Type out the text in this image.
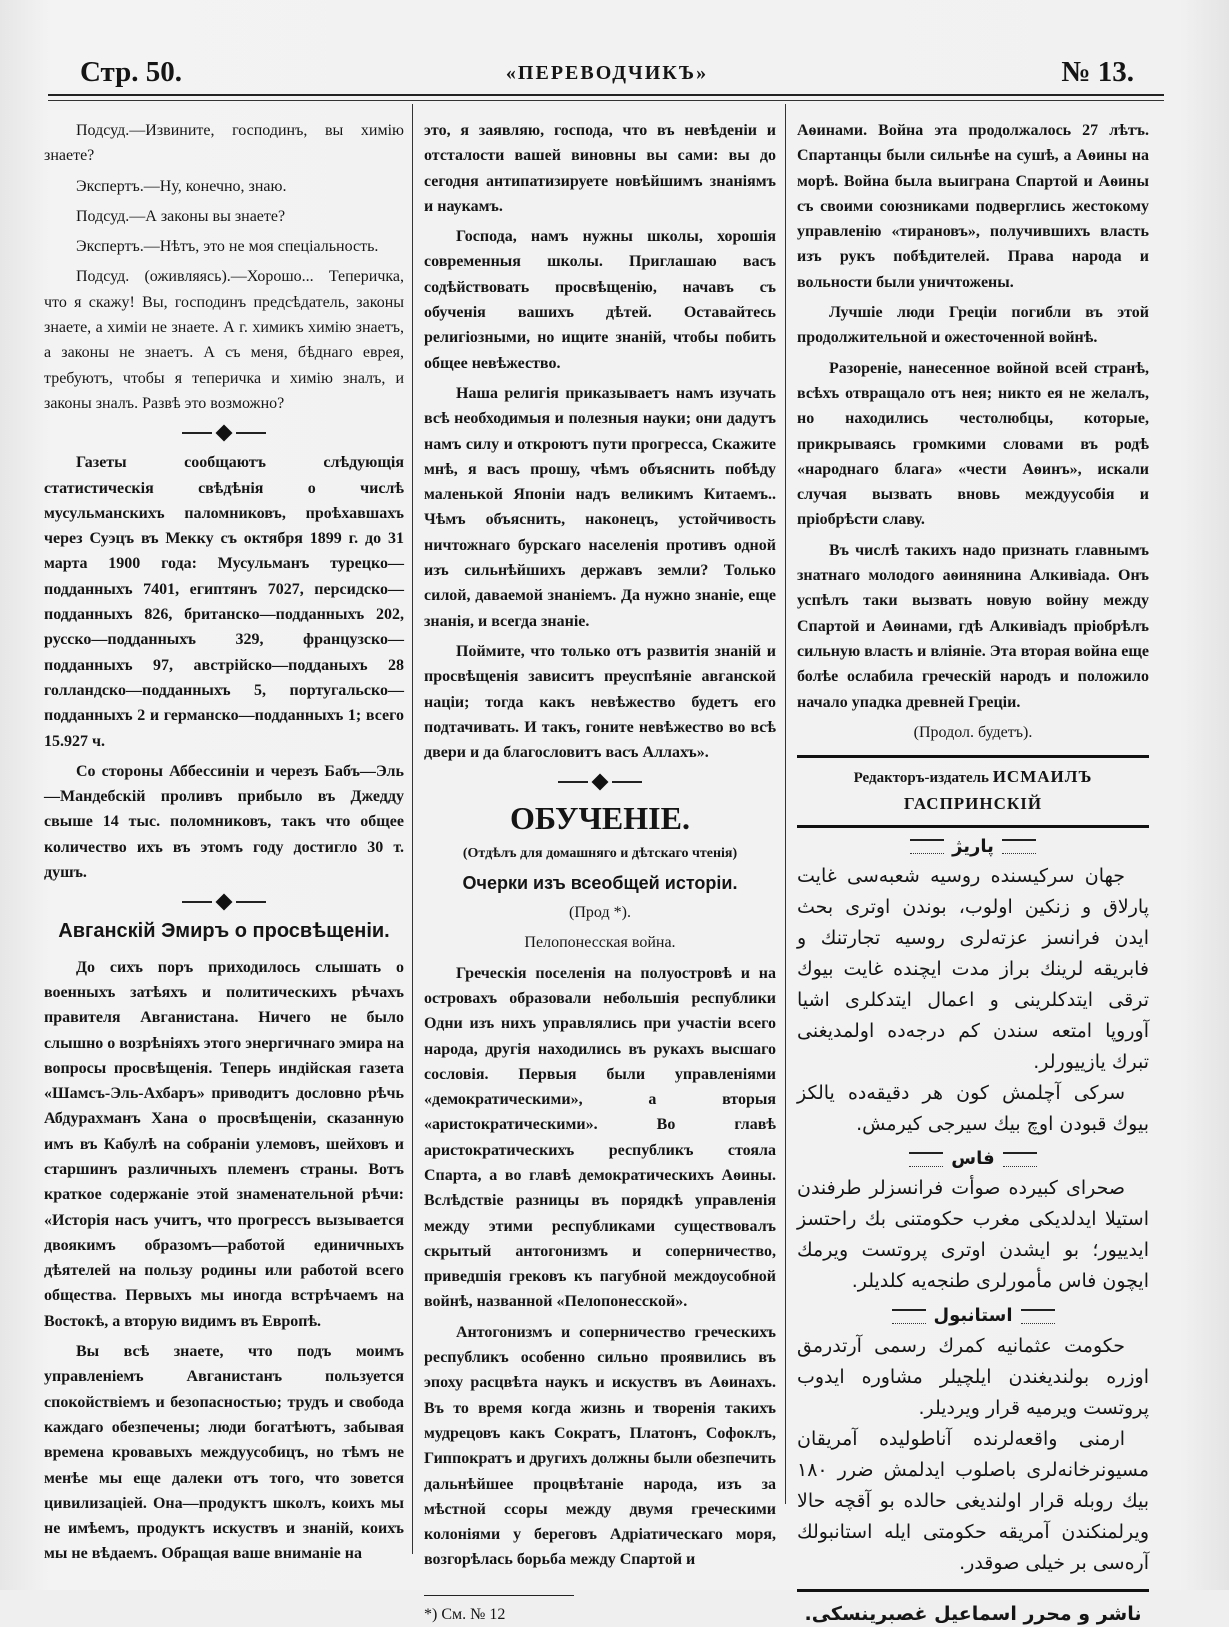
Стр. 50.	«ПЕРЕВОДЧИКЪ»	№ 13.

Подсуд.—Извините, господинъ, вы химію знаете?

Экспертъ.—Ну, конечно, знаю.

Подсуд.—А законы вы знаете?

Экспертъ.—Нѣтъ, это не моя спеціальность.

Подсуд. (оживляясь).—Хорошо... Теперичка, что я скажу! Вы, господинъ предсѣдатель, законы знаете, а химіи не знаете. А г. химикъ химію знаетъ, а законы не знаетъ. А съ меня, бѣднаго еврея, требуютъ, чтобы я теперичка и химію зналъ, и законы зналъ. Развѣ это возможно?

Газеты сообщаютъ слѣдующія статистическія свѣдѣнія о числѣ мусульманскихъ паломниковъ, проѣхавшахъ через Суэцъ въ Мекку съ октября 1899 г. до 31 марта 1900 года: Мусульманъ турецко—подданныхъ 7401, египтянъ 7027, персидско—подданныхъ 826, британско—подданныхъ 202, русско—подданныхъ 329, французско—подданныхъ 97, австрійско—подданыхъ 28 голландско—подданныхъ 5, португальско—подданныхъ 2 и германско—подданныхъ 1; всего 15.927 ч.

Со стороны Аббессиніи и черезъ Бабъ—Эль—Мандебскій проливъ прибыло въ Джедду свыше 14 тыс. поломниковъ, такъ что общее количество ихъ въ этомъ году достигло 30 т. душъ.

Авганскій Эмиръ о просвѣщеніи.

До сихъ поръ приходилось слышать о военныхъ затѣяхъ и политическихъ рѣчахъ правителя Авганистана. Ничего не было слышно о возрѣніяхъ этого энергичнаго эмира на вопросы просвѣщенія. Теперь индійская газета «Шамсъ-Эль-Ахбаръ» приводитъ дословно рѣчь Абдурахманъ Хана о просвѣщеніи, сказанную имъ въ Кабулѣ на собраніи улемовъ, шейховъ и старшинъ различныхъ племенъ страны. Вотъ краткое содержаніе этой знаменательной рѣчи: «Исторія насъ учитъ, что прогрессъ вызывается двоякимъ образомъ—работой единичныхъ дѣятелей на пользу родины или работой всего общества. Первыхъ мы иногда встрѣчаемъ на Востокѣ, а вторую видимъ въ Европѣ.

Вы всѣ знаете, что подъ моимъ управленіемъ Авганистанъ пользуется спокойствіемъ и безопасностью; трудъ и свобода каждаго обезпечены; люди богатѣютъ, забывая времена кровавыхъ междуусобицъ, но тѣмъ не менѣе мы еще далеки отъ того, что зовется цивилизаціей. Она—продуктъ школъ, коихъ мы не имѣемъ, продуктъ искуствъ и знаній, коихъ мы не вѣдаемъ. Обращая ваше вниманіе на

это, я заявляю, господа, что въ невѣденіи и отсталости вашей виновны вы сами: вы до сегодня антипатизируете новѣйшимъ знаніямъ и наукамъ.

Господа, намъ нужны школы, хорошія современныя школы. Приглашаю васъ содѣйствовать просвѣщенію, начавъ съ обученія вашихъ дѣтей. Оставайтесь религіозными, но ищите знаній, чтобы побить общее невѣжество.

Наша религія приказываетъ намъ изучать всѣ необходимыя и полезныя науки; они дадутъ намъ силу и откроютъ пути прогресса, Скажите мнѣ, я васъ прошу, чѣмъ объяснить побѣду маленькой Японіи надъ великимъ Китаемъ.. Чѣмъ объяснить, наконецъ, устойчивость ничтожнаго бурскаго населенія противъ одной изъ сильнѣйшихъ державъ земли? Только силой, даваемой знаніемъ. Да нужно знаніе, еще знанія, и всегда знаніе.

Поймите, что только отъ развитія знаній и просвѣщенія зависитъ преуспѣяніе авганской націи; тогда какъ невѣжество будетъ его подтачивать. И такъ, гоните невѣжество во всѣ двери и да благословитъ васъ Аллахъ».

ОБУЧЕНІЕ.
(Отдѣлъ для домашняго и дѣтскаго чтенія)
Очерки изъ всеобщей исторіи.

(Прод *).

Пелопонесская война.

Греческія поселенія на полуостровѣ и на островахъ образовали небольшія республики Одни изъ нихъ управлялись при участіи всего народа, другія находились въ рукахъ высшаго сословія. Первыя были управленіями «демократическими», а вторыя «аристократическими». Во главѣ аристократическихъ республикъ стояла Спарта, а во главѣ демократическихъ Аѳины. Вслѣдствіе разницы въ порядкѣ управленія между этими республиками существовалъ скрытый антогонизмъ и соперничество, приведшія грековъ къ пагубной междоусобной войнѣ, названной «Пелопонесской».

Антогонизмъ и соперничество греческихъ республикъ особенно сильно проявились въ эпоху расцвѣта наукъ и искуствъ въ Аѳинахъ. Въ то время когда жизнь и творенія такихъ мудрецовъ какъ Сократъ, Платонъ, Софоклъ, Гиппократъ и другихъ должны были обезпечить дальнѣйшее процвѣтаніе народа, изъ за мѣстной ссоры между двумя греческими колоніями у береговъ Адріатическаго моря, возгорѣлась борьба между Спартой и

*) См. № 12

Аѳинами. Война эта продолжалось 27 лѣтъ. Спартанцы были сильнѣе на сушѣ, а Аѳины на морѣ. Война была выиграна Спартой и Аѳины съ своими союзниками подверглись жестокому управленію «тирановъ», получившихъ власть изъ рукъ побѣдителей. Права народа и вольности были уничтожены.

Лучшіе люди Греціи погибли въ этой продолжительной и ожесточенной войнѣ.

Разореніе, нанесенное войной всей странѣ, всѣхъ отвращало отъ нея; никто ея не желалъ, но находились честолюбцы, которые, прикрываясь громкими словами въ родѣ «народнаго блага» «чести Аѳинъ», искали случая вызвать вновь междуусобія и пріобрѣсти славу.

Въ числѣ такихъ надо признать главнымъ знатнаго молодого аѳинянина Алкивіада. Онъ успѣлъ таки вызвать новую войну между Спартой и Аѳинами, гдѣ Алкивіадъ пріобрѣлъ сильную власть и вліяніе. Эта вторая война еще болѣе ослабила греческій народъ и положило начало упадка древней Греціи.

(Продол. будетъ).

Редакторъ-издатель ИСМАИЛЪ ГАСПРИНСКІЙ
پاریژ

جهان سرکیسنده روسیه شعبه‌سی غایت پارلاق و زنکین اولوب، بوندن اوتری بحث ایدن فرانسز عزته‌لری روسیه تجارتنك و فابریقه لرینك براز مدت ایچنده غایت بیوك ترقی ایتدکلرینی و اعمال ایتدکلری اشیا آوروپا امتعه سندن کم درجه‌ده اولمدیغنی تبرك یازییورلر.

سرکی آچلمش کون هر دقیقه‌ده یالکز بیوك قبودن اوچ بیك سیرجی کیرمش.

فاس

صحرای کبیرده صوأت فرانسزلر طرفندن استیلا ایدلدیکی مغرب حکومتنی بك راحتسز ایدییور؛ بو ایشدن اوتری پروتست ویرمك ایچون فاس مأمورلری طنجه‌یه کلدیلر.

استانبول

حکومت عثمانیه کمرك رسمی آرتدرمق اوزره بولندیغندن ایلچیلر مشاوره ایدوب پروتست ویرمیه قرار ویردیلر.

ارمنی واقعه‌لرنده آناطولیده آمریقان مسیونرخانه‌لری باصلوب ایدلمش ضرر ۱۸۰ بیك روبله قرار اولندیغی حالده بو آقچه حالا ویرلمنکندن آمریقه حکومتی ایله استانبولك آره‌سی بر خیلی صوقدر.

ناشر و محرر اسماعیل غصبرینسکی.
